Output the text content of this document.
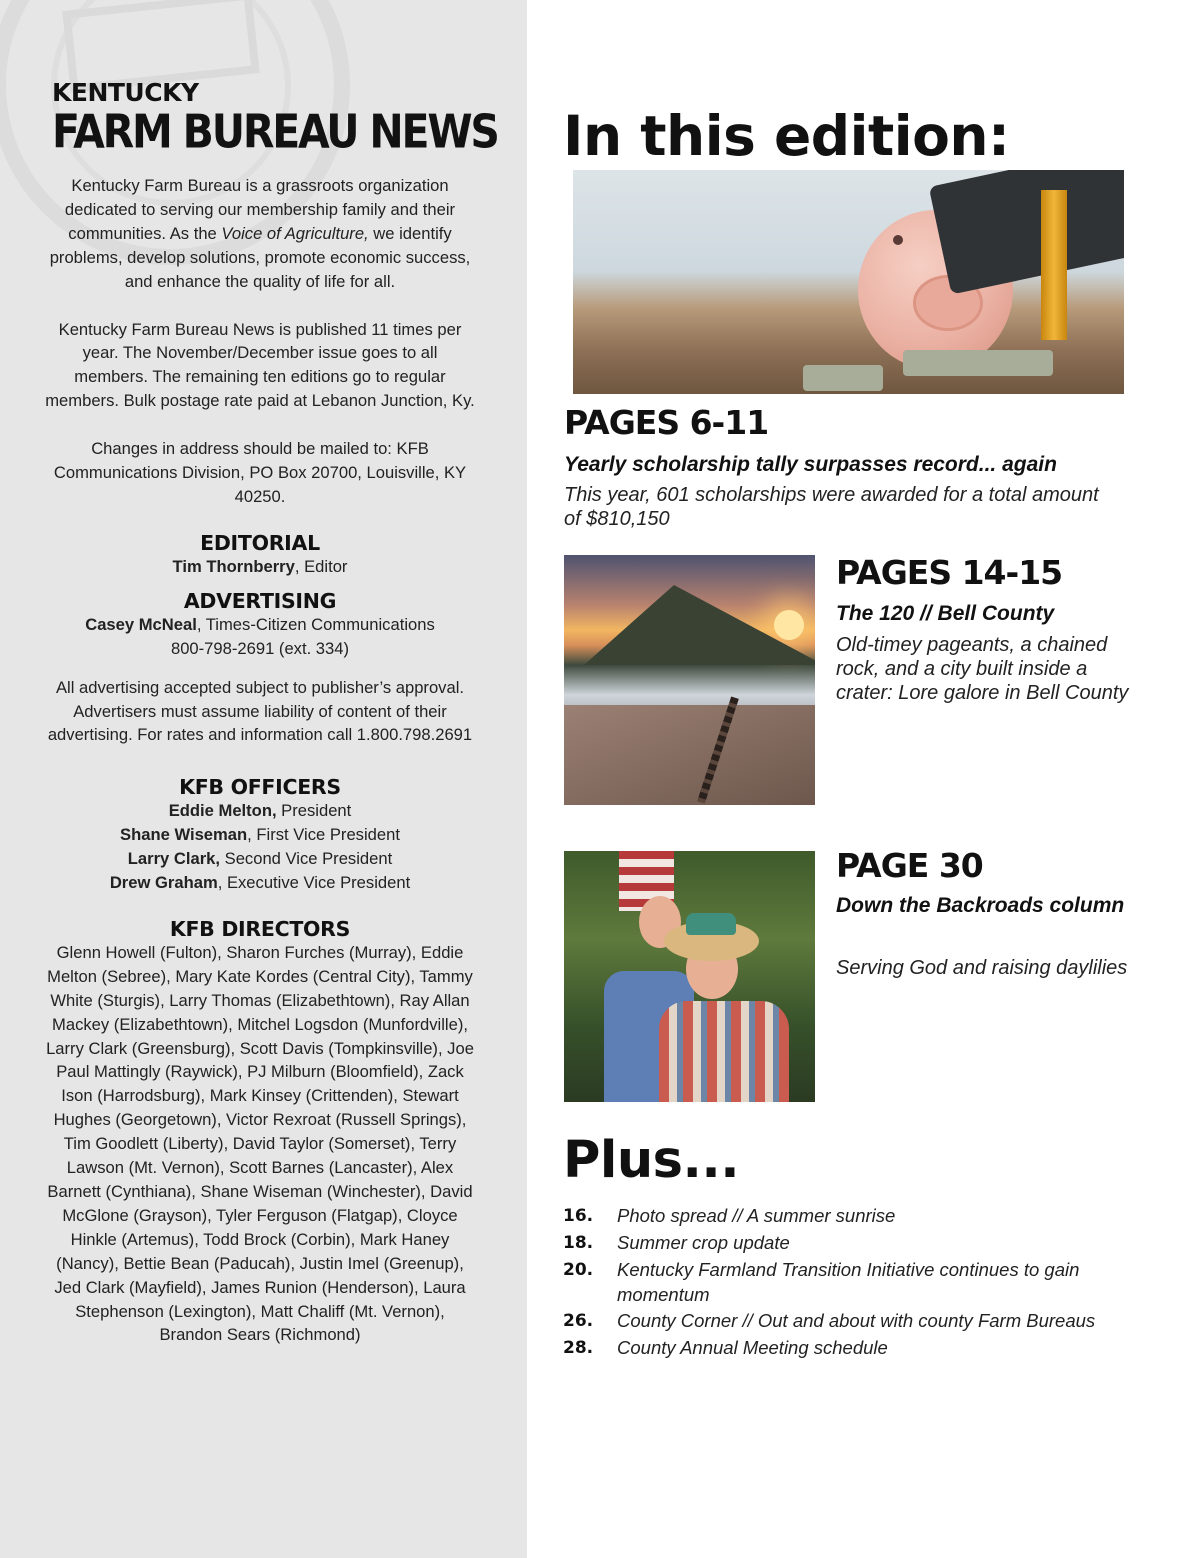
KENTUCKY
FARM BUREAU NEWS

Kentucky Farm Bureau is a grassroots organization dedicated to serving our membership family and their communities. As the Voice of Agriculture, we identify problems, develop solutions, promote economic success, and enhance the quality of life for all.

Kentucky Farm Bureau News is published 11 times per year. The November/December issue goes to all members. The remaining ten editions go to regular members. Bulk postage rate paid at Lebanon Junction, Ky.

Changes in address should be mailed to: KFB Communications Division, PO Box 20700, Louisville, KY 40250.

EDITORIAL

Tim Thornberry, Editor

ADVERTISING

Casey McNeal, Times-Citizen Communications

800-798-2691 (ext. 334)

All advertising accepted subject to publisher’s approval. Advertisers must assume liability of content of their advertising. For rates and information call 1.800.798.2691

KFB OFFICERS

Eddie Melton, President

Shane Wiseman, First Vice President

Larry Clark, Second Vice President

Drew Graham, Executive Vice President

KFB DIRECTORS

Glenn Howell (Fulton), Sharon Furches (Murray), Eddie Melton (Sebree), Mary Kate Kordes (Central City), Tammy White (Sturgis), Larry Thomas (Elizabethtown), Ray Allan Mackey (Elizabethtown), Mitchel Logsdon (Munfordville), Larry Clark (Greensburg), Scott Davis (Tompkinsville), Joe Paul Mattingly (Raywick), PJ Milburn (Bloomfield), Zack Ison (Harrodsburg), Mark Kinsey (Crittenden), Stewart Hughes (Georgetown), Victor Rexroat (Russell Springs), Tim Goodlett (Liberty), David Taylor (Somerset), Terry Lawson (Mt. Vernon), Scott Barnes (Lancaster), Alex Barnett (Cynthiana), Shane Wiseman (Winchester), David McGlone (Grayson), Tyler Ferguson (Flatgap), Cloyce Hinkle (Artemus), Todd Brock (Corbin), Mark Haney (Nancy), Bettie Bean (Paducah), Justin Imel (Greenup), Jed Clark (Mayfield), James Runion (Henderson), Laura Stephenson (Lexington), Matt Chaliff (Mt. Vernon), Brandon Sears (Richmond)

In this edition:
PAGES 6-11
Yearly scholarship tally surpasses record... again
This year, 601 scholarships were awarded for a total amount of $810,150
PAGES 14-15
The 120 // Bell County
Old-timey pageants, a chained rock, and a city built inside a crater: Lore galore in Bell County
PAGE 30
Down the Backroads column
Serving God and raising daylilies
Plus...
16.	Photo spread // A summer sunrise
18.	Summer crop update
20.	Kentucky Farmland Transition Initiative continues to gain momentum
26.	County Corner // Out and about with county Farm Bureaus
28.	County Annual Meeting schedule
